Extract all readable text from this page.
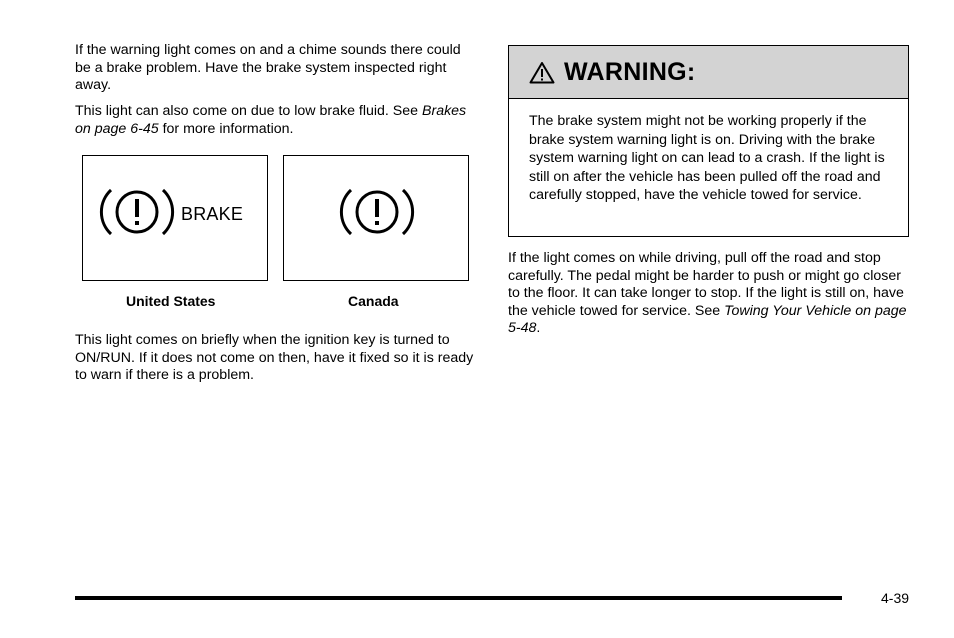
If the warning light comes on and a chime sounds there could be a brake problem. Have the brake system inspected right away.

This light can also come on due to low brake fluid. See Brakes on page 6-45 for more information.

BRAKE
United States	Canada

This light comes on briefly when the ignition key is turned to ON/RUN. If it does not come on then, have it fixed so it is ready to warn if there is a problem.

WARNING:
The brake system might not be working properly if the brake system warning light is on. Driving with the brake system warning light on can lead to a crash. If the light is still on after the vehicle has been pulled off the road and carefully stopped, have the vehicle towed for service.

If the light comes on while driving, pull off the road and stop carefully. The pedal might be harder to push or might go closer to the floor. It can take longer to stop. If the light is still on, have the vehicle towed for service. See Towing Your Vehicle on page 5-48.

4-39
